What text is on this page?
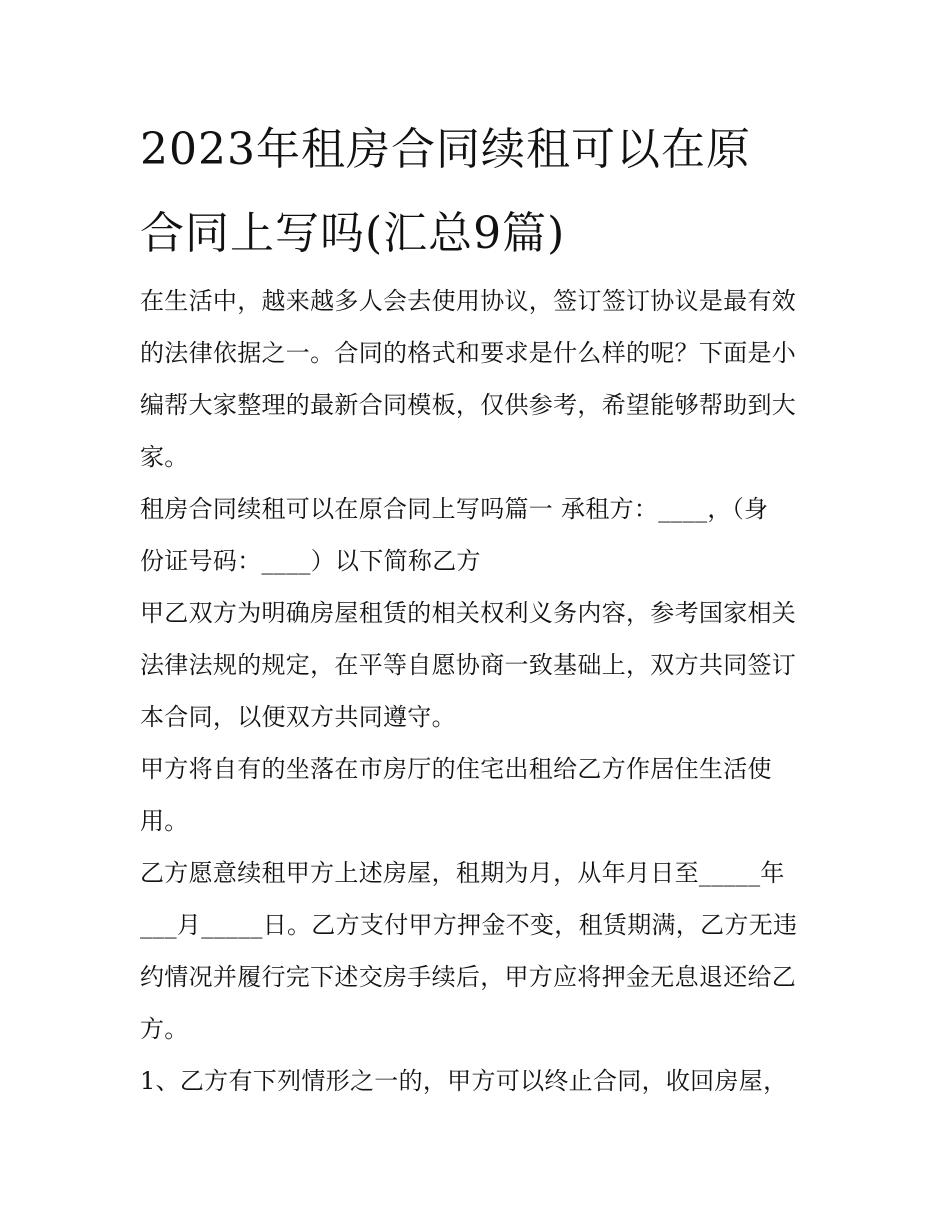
2023年租房合同续租可以在原
合同上写吗(汇总9篇)

在生活中，越来越多人会去使用协议，签订签订协议是最有效
的法律依据之一。合同的格式和要求是什么样的呢？下面是小
编帮大家整理的最新合同模板，仅供参考，希望能够帮助到大
家。

租房合同续租可以在原合同上写吗篇一 承租方：____，（身
份证号码：____）以下简称乙方

甲乙双方为明确房屋租赁的相关权利义务内容，参考国家相关
法律法规的规定，在平等自愿协商一致基础上，双方共同签订
本合同，以便双方共同遵守。

甲方将自有的坐落在市房厅的住宅出租给乙方作居住生活使
用。

乙方愿意续租甲方上述房屋，租期为月，从年月日至_____年
___月_____日。乙方支付甲方押金不变，租赁期满，乙方无违
约情况并履行完下述交房手续后，甲方应将押金无息退还给乙
方。

1、乙方有下列情形之一的，甲方可以终止合同，收回房屋，
